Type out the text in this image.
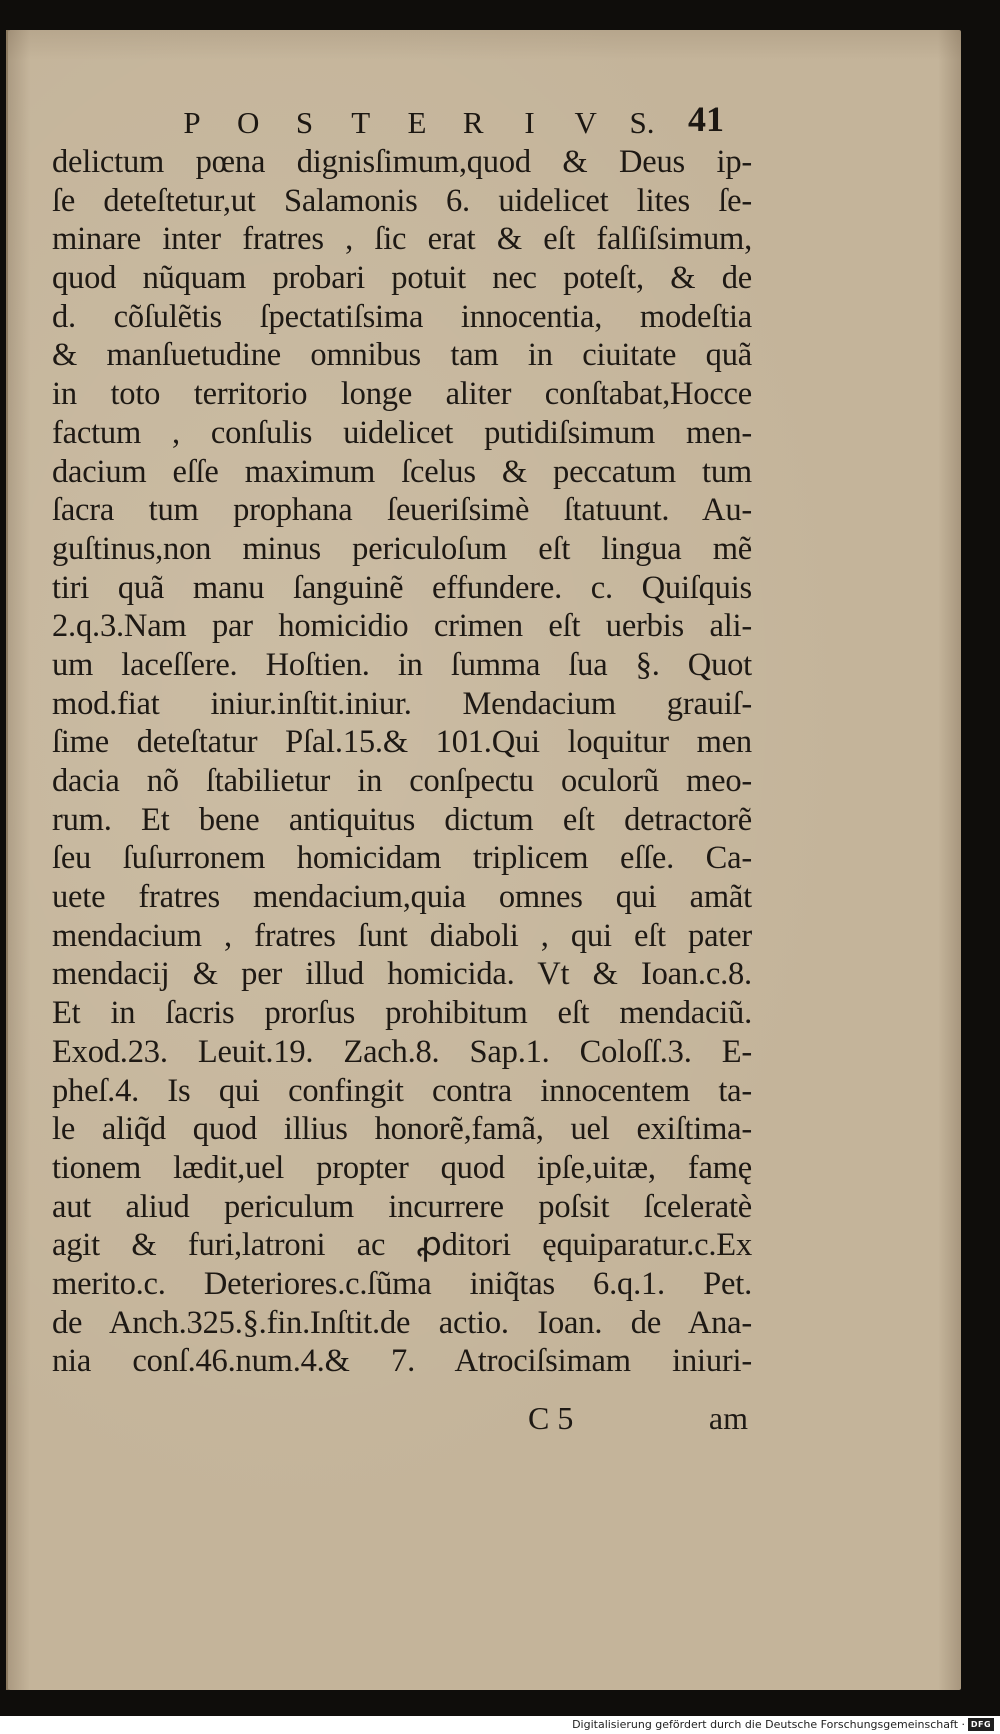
P	O	S	T	E	R	I	V S. 41
delictum pœna dignisſimum,quod & Deus ip-
ſe deteſtetur,ut Salamonis 6. uidelicet lites ſe-
minare inter fratres , ſic erat & eſt falſiſsimum,
quod nũquam probari potuit nec poteſt, & de
d. cõſulẽtis ſpectatiſsima innocentia, modeſtia
& manſuetudine omnibus tam in ciuitate quã
in toto territorio longe aliter conſtabat,Hocce
factum , conſulis uidelicet putidiſsimum men-
dacium eſſe maximum ſcelus & peccatum tum
ſacra tum prophana ſeueriſsimè ſtatuunt. Au-
guſtinus,non minus periculoſum eſt lingua mẽ
tiri quã manu ſanguinẽ effundere. c. Quiſquis
2.q.3.Nam par homicidio crimen eſt uerbis ali-
um laceſſere. Hoſtien. in ſumma ſua §. Quot
mod.fiat iniur.inſtit.iniur. Mendacium grauiſ-
ſime deteſtatur Pſal.15.& 101.Qui loquitur men
dacia nõ ſtabilietur in conſpectu oculorũ meo-
rum. Et bene antiquitus dictum eſt detractorẽ
ſeu ſuſurronem homicidam triplicem eſſe. Ca-
uete fratres mendacium,quia omnes qui amãt
mendacium , fratres ſunt diaboli , qui eſt pater
mendacij & per illud homicida. Vt & Ioan.c.8.
Et in ſacris prorſus prohibitum eſt mendaciũ.
Exod.23. Leuit.19. Zach.8. Sap.1. Coloſſ.3. E-
pheſ.4. Is qui confingit contra innocentem ta-
le aliq̃d quod illius honorẽ,famã, uel exiſtima-
tionem lædit,uel propter quod ipſe,uitæ, famę
aut aliud periculum incurrere poſsit ſceleratè
agit & furi,latroni ac ꝓditori ęquiparatur.c.Ex
merito.c. Deteriores.c.ſũma iniq̃tas 6.q.1. Pet.
de Anch.325.§.fin.Inſtit.de actio. Ioan. de Ana-
nia conſ.46.num.4.& 7. Atrociſsimam iniuri-
C 5	am
Digitalisierung gefördert durch die Deutsche Forschungsgemeinschaft · DFG
